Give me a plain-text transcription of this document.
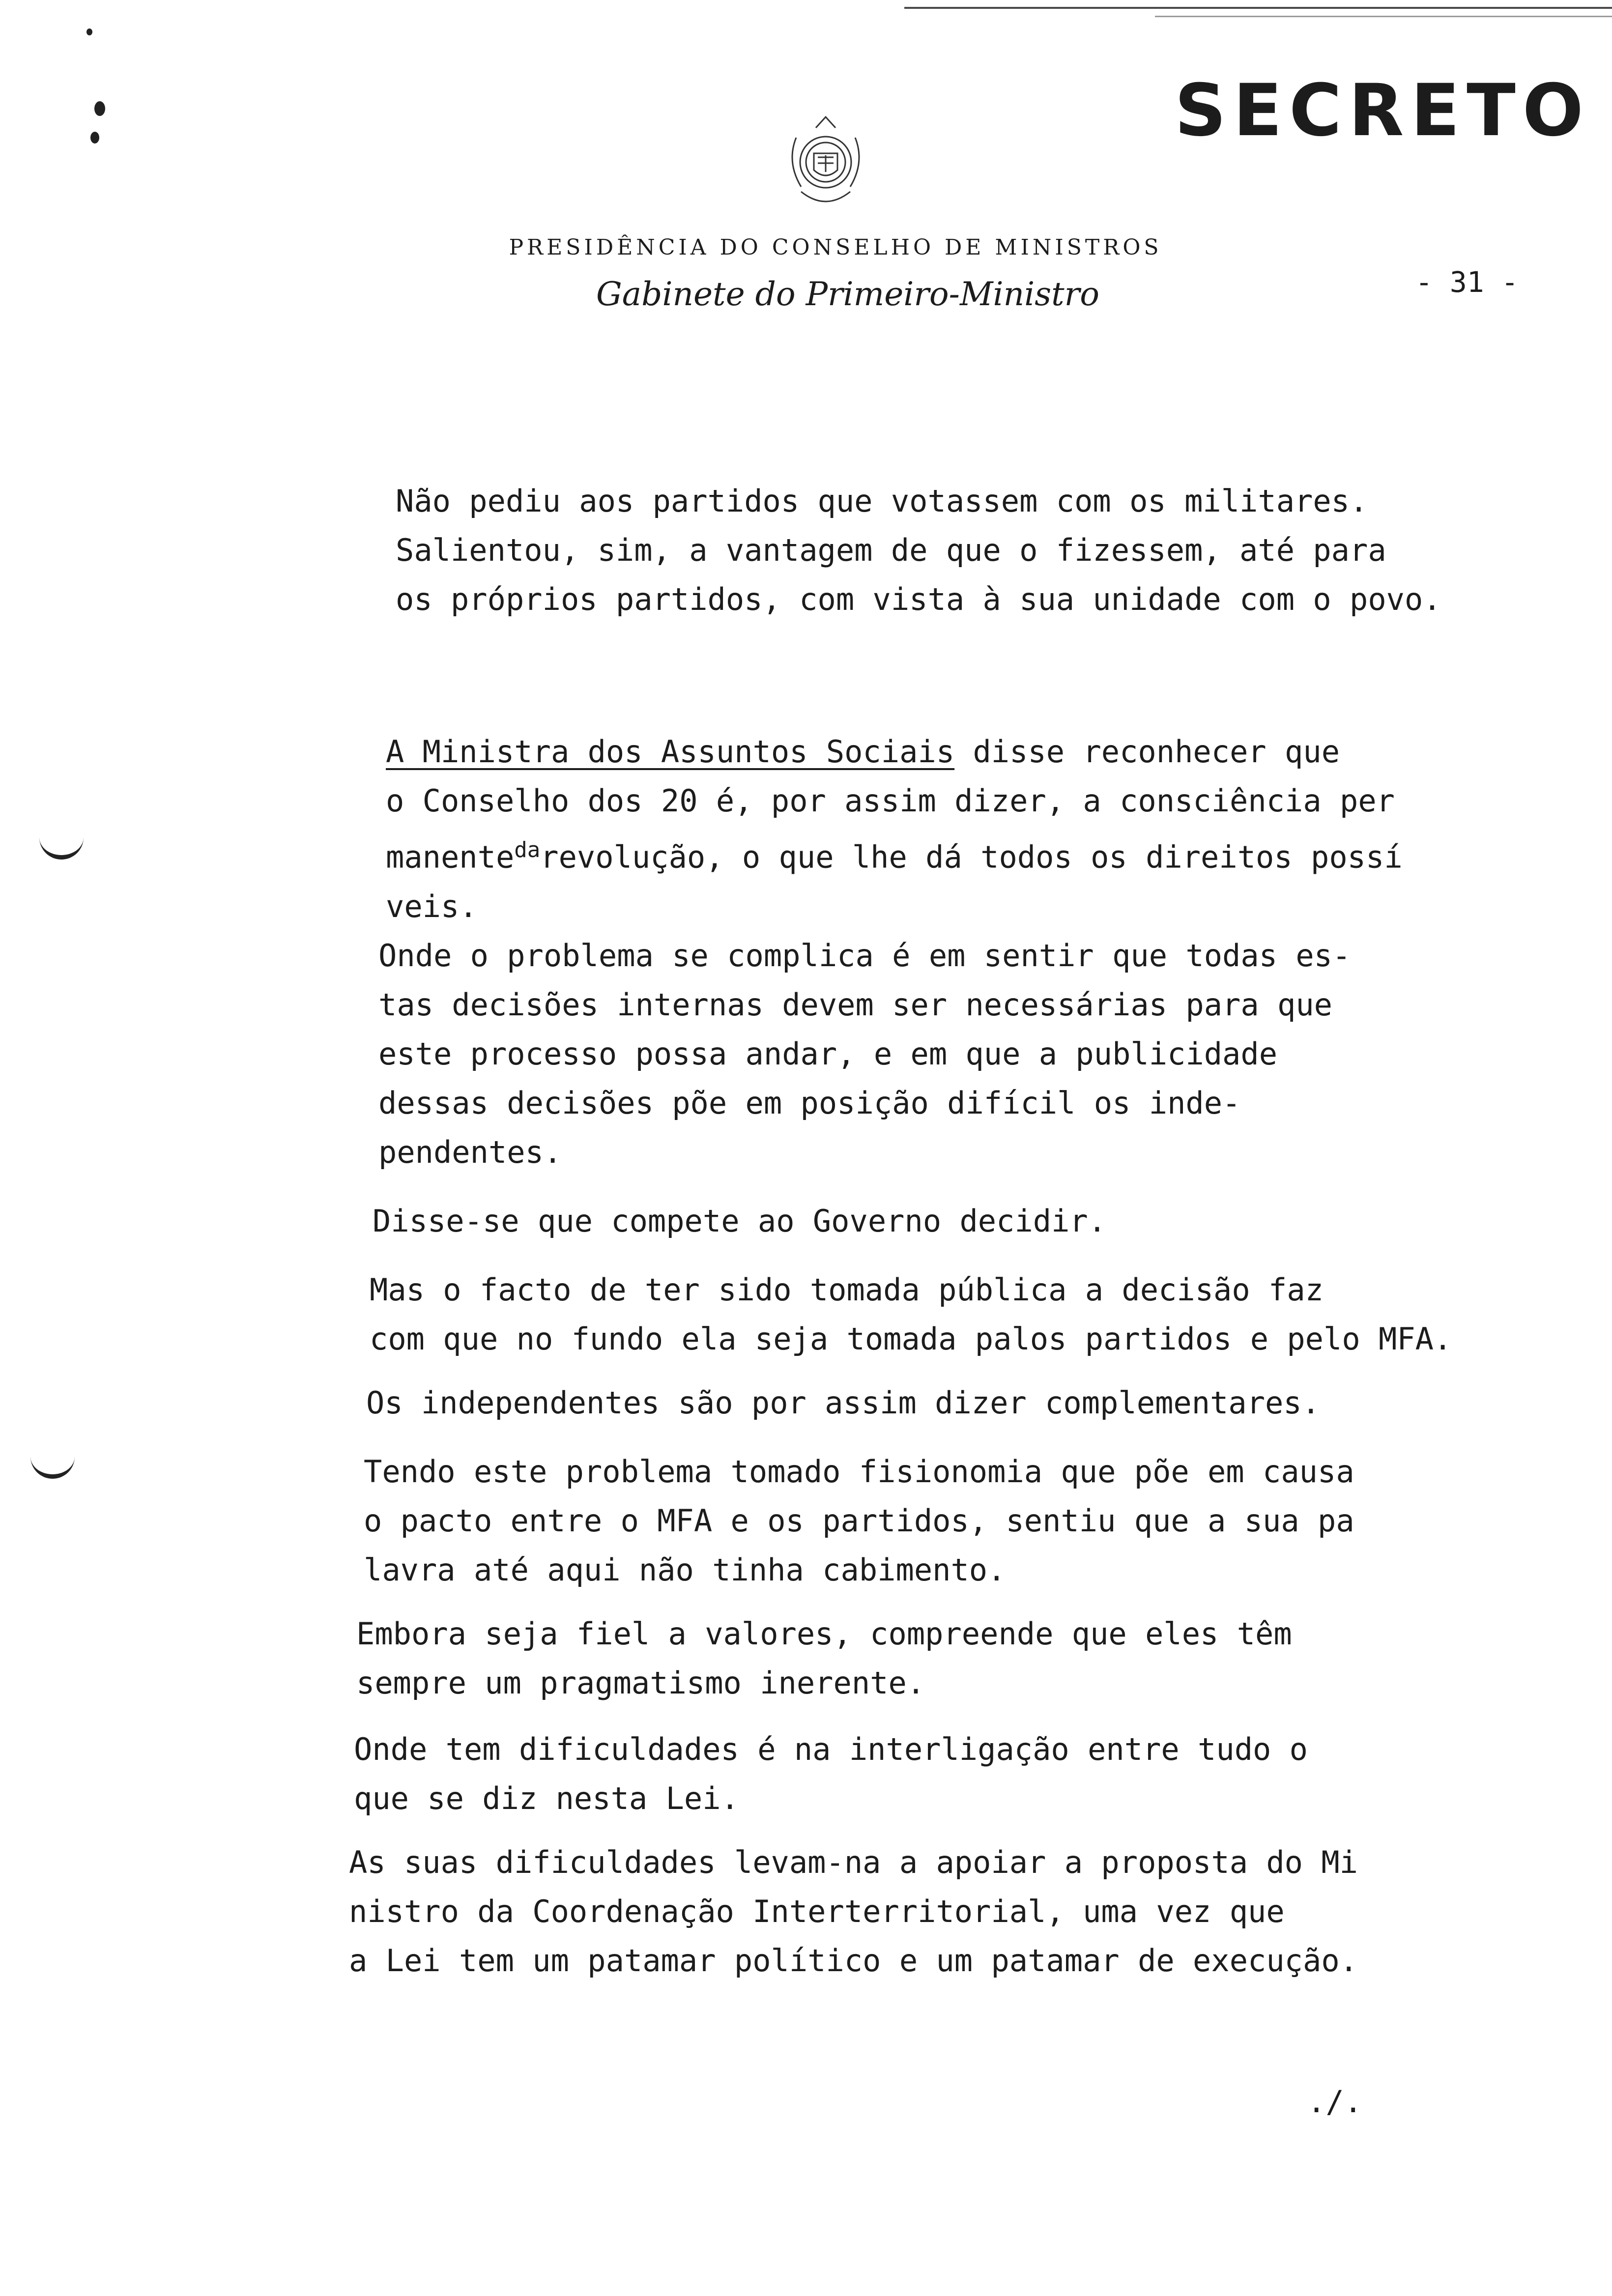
SECRETO
PRESIDÊNCIA DO CONSELHO DE MINISTROS
Gabinete do Primeiro-Ministro	- 31 -

Não pediu aos partidos que votassem com os militares.
Salientou, sim, a vantagem de que o fizessem, até para
os próprios partidos, com vista à sua unidade com o povo.

A Ministra dos Assuntos Sociais disse reconhecer que
o Conselho dos 20 é, por assim dizer, a consciência per
manente$^{da}$revolução, o que lhe dá todos os direitos possí
veis.

Onde o problema se complica é em sentir que todas es-
tas decisões internas devem ser necessárias para que
este processo possa andar, e em que a publicidade
dessas decisões põe em posição difícil os inde-
pendentes.

Disse-se que compete ao Governo decidir.

Mas o facto de ter sido tomada pública a decisão faz
com que no fundo ela seja tomada palos partidos e pelo MFA.

Os independentes são por assim dizer complementares.

Tendo este problema tomado fisionomia que põe em causa
o pacto entre o MFA e os partidos, sentiu que a sua pa
lavra até aqui não tinha cabimento.

Embora seja fiel a valores, compreende que eles têm
sempre um pragmatismo inerente.

Onde tem dificuldades é na interligação entre tudo o
que se diz nesta Lei.

As suas dificuldades levam-na a apoiar a proposta do Mi
nistro da Coordenação Interterritorial, uma vez que
a Lei tem um patamar político e um patamar de execução.

./.
